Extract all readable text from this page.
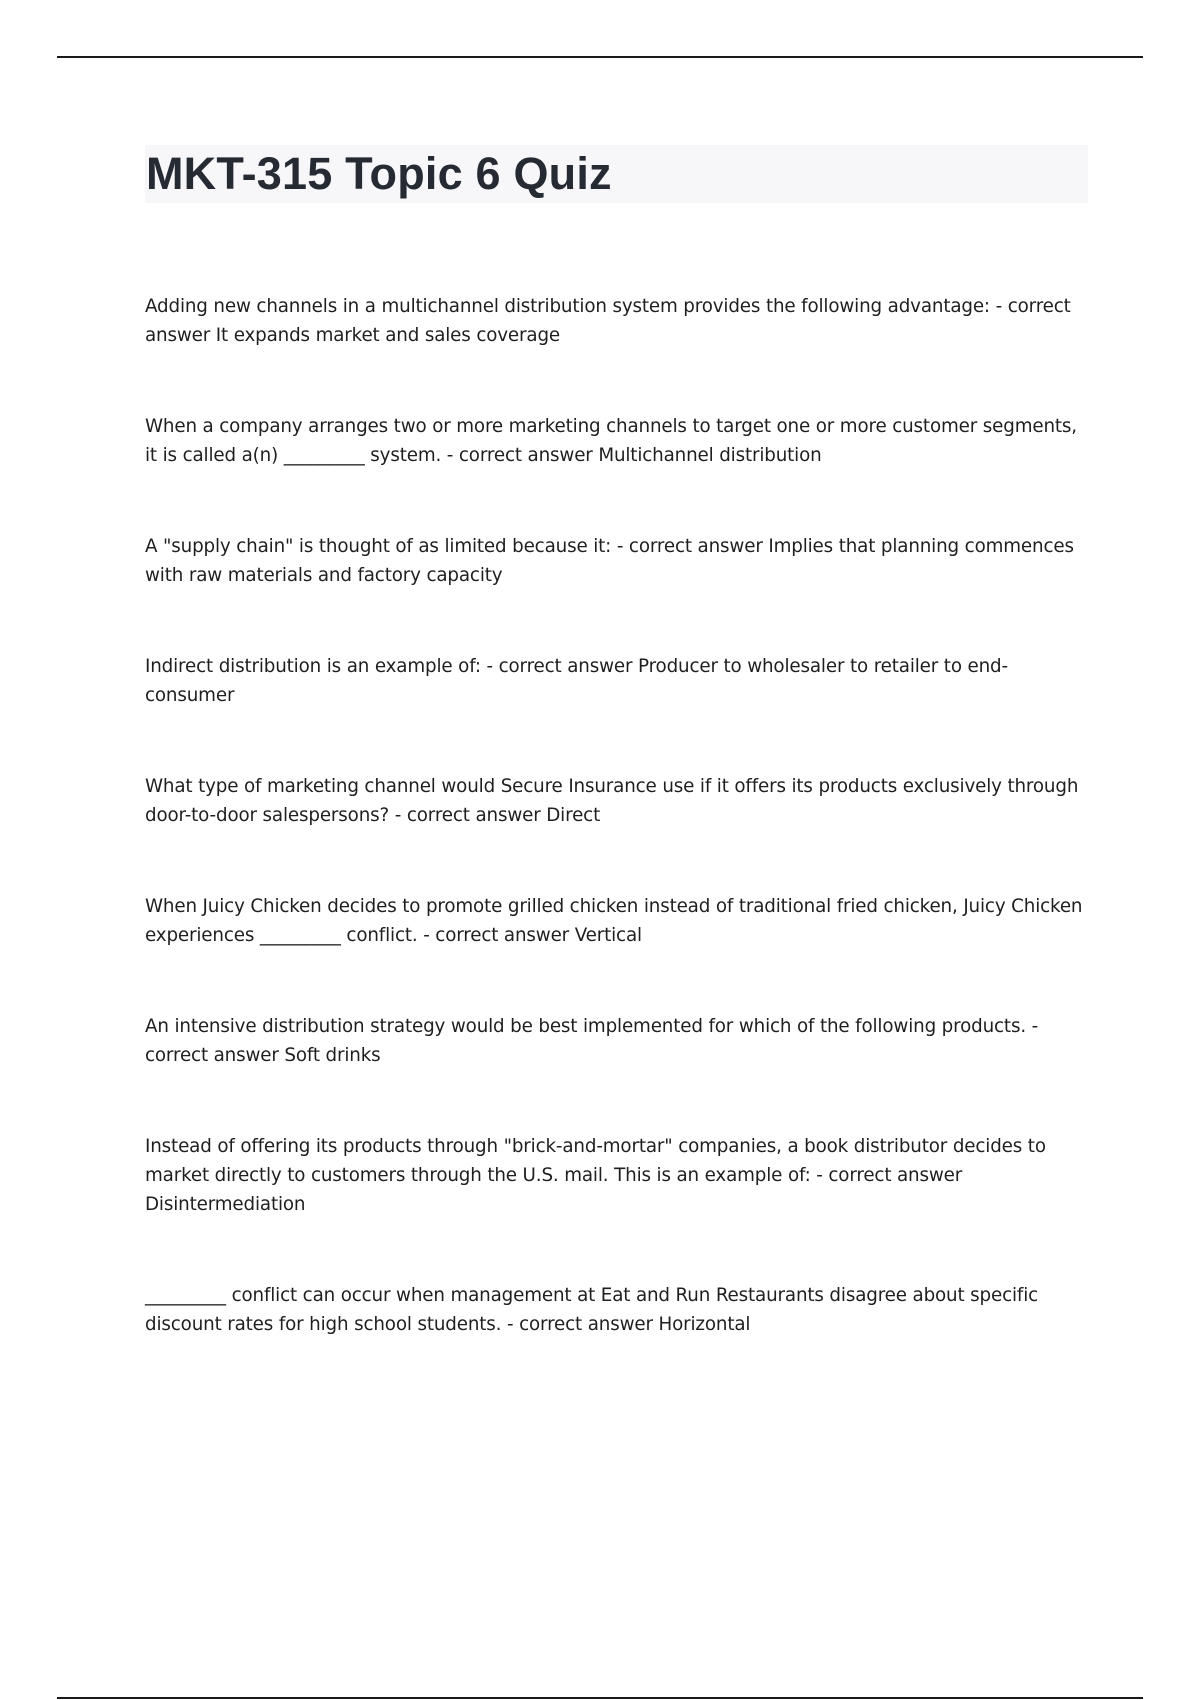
MKT-315 Topic 6 Quiz

Adding new channels in a multichannel distribution system provides the following advantage: - correct answer It expands market and sales coverage

When a company arranges two or more marketing channels to target one or more customer segments, it is called a(n) _________ system. - correct answer Multichannel distribution

A "supply chain" is thought of as limited because it: - correct answer Implies that planning commences with raw materials and factory capacity

Indirect distribution is an example of: - correct answer Producer to wholesaler to retailer to end-consumer

What type of marketing channel would Secure Insurance use if it offers its products exclusively through door-to-door salespersons? - correct answer Direct

When Juicy Chicken decides to promote grilled chicken instead of traditional fried chicken, Juicy Chicken experiences _________ conflict. - correct answer Vertical

An intensive distribution strategy would be best implemented for which of the following products. - correct answer Soft drinks

Instead of offering its products through "brick-and-mortar" companies, a book distributor decides to market directly to customers through the U.S. mail. This is an example of: - correct answer Disintermediation

_________ conflict can occur when management at Eat and Run Restaurants disagree about specific discount rates for high school students. - correct answer Horizontal
